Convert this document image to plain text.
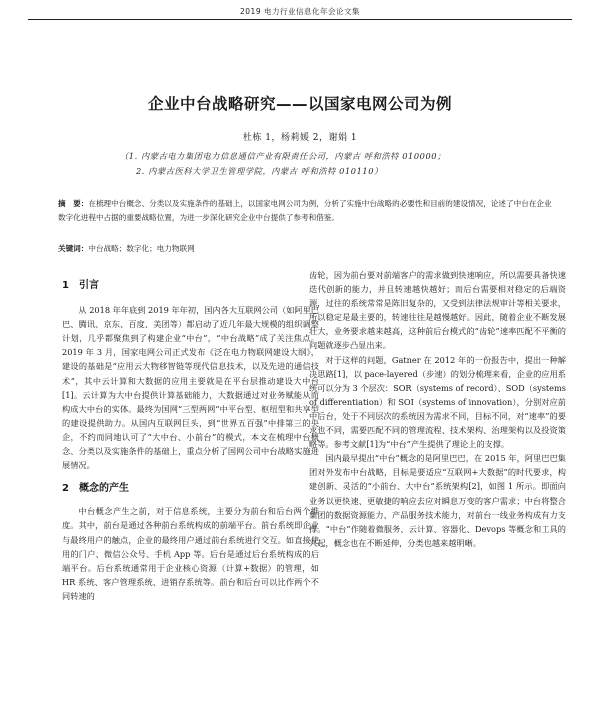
2019 电力行业信息化年会论文集
企业中台战略研究——以国家电网公司为例
杜栋 1，杨莉媛 2，谢娟 1
（1. 内蒙古电力集团电力信息通信产业有限责任公司，内蒙古 呼和浩特 010000；
2. 内蒙古医科大学卫生管理学院，内蒙古 呼和浩特 010110）
摘　要：在梳理中台概念、分类以及实施条件的基础上，以国家电网公司为例，分析了实施中台战略的必要性和目前的建设情况，论述了中台在企业数字化进程中占据的重要战略位置，为进一步深化研究企业中台提供了参考和借鉴。
关键词：中台战略；数字化；电力物联网
1 引言

从 2018 年年底到 2019 年年初，国内各大互联网公司（如阿里巴巴、腾讯、京东、百度、美团等）都启动了近几年最大规模的组织调整计划，几乎都聚焦到了构建企业“中台”，“中台战略”成了关注焦点。2019 年 3 月，国家电网公司正式发布《泛在电力物联网建设大纲》，建设的基础是“应用云大物移智链等现代信息技术，以及先进的通信技术”，其中云计算和大数据的应用主要就是在平台层推动建设大中台[1]。云计算为大中台提供计算基础能力，大数据通过对业务赋能从而构成大中台的实体。最终为国网“三型两网”中平台型、枢纽型和共享型的建设提供助力。从国内互联网巨头，到“世界五百强”中排第三的央企，不约而同地认可了“大中台、小前台”的模式，本文在梳理中台概念、分类以及实施条件的基础上，重点分析了国网公司中台战略实施进展情况。

2 概念的产生

中台概念产生之前，对于信息系统，主要分为前台和后台两个维度。其中，前台是通过各种前台系统构成的前端平台。前台系统即企业与最终用户的触点，企业的最终用户通过前台系统进行交互。如直接使用的门户、微信公众号、手机 App 等。后台是通过后台系统构成的后端平台。后台系统通常用于企业核心资源（计算+数据）的管理，如 HR 系统、客户管理系统、进销存系统等。前台和后台可以比作两个不同转速的

齿轮，因为前台要对前端客户的需求做到快速响应，所以需要具备快速迭代创新的能力，并且转速越快越好；而后台需要相对稳定的后端资源，过往的系统常常是陈旧复杂的，又受到法律法规审计等相关要求，所以稳定是最主要的，转速往往是越慢越好。因此，随着企业不断发展壮大，业务要求越来越高，这种前后台模式的“齿轮”速率匹配不平衡的问题就逐步凸显出来。

对于这样的问题，Gatner 在 2012 年的一份报告中，提出一种解决思路[1]，以 pace-layered（步速）的划分梳理来看，企业的应用系统可以分为 3 个层次：SOR（systems of record）、SOD（systems of differentiation）和 SOI（systems of innovation），分别对应前中后台，处于不同层次的系统因为需求不同，目标不同，对“速率”的要求也不同，需要匹配不同的管理流程、技术架构、治理架构以及投资策略等。参考文献[1]为“中台”产生提供了理论上的支撑。

国内最早提出“中台”概念的是阿里巴巴，在 2015 年，阿里巴巴集团对外发布中台战略，目标是要适应“互联网+大数据”的时代要求，构建创新、灵活的“小前台、大中台”系统架构[2]，如图 1 所示。即面向业务以更快速、更敏捷的响应去应对瞬息万变的客户需求；中台将整合集团的数据资源能力、产品服务技术能力，对前台一线业务构成有力支撑。“中台”作随着微服务、云计算、容器化、Devops 等概念和工具的兴起，概念也在不断延伸，分类也越来越明晰。
